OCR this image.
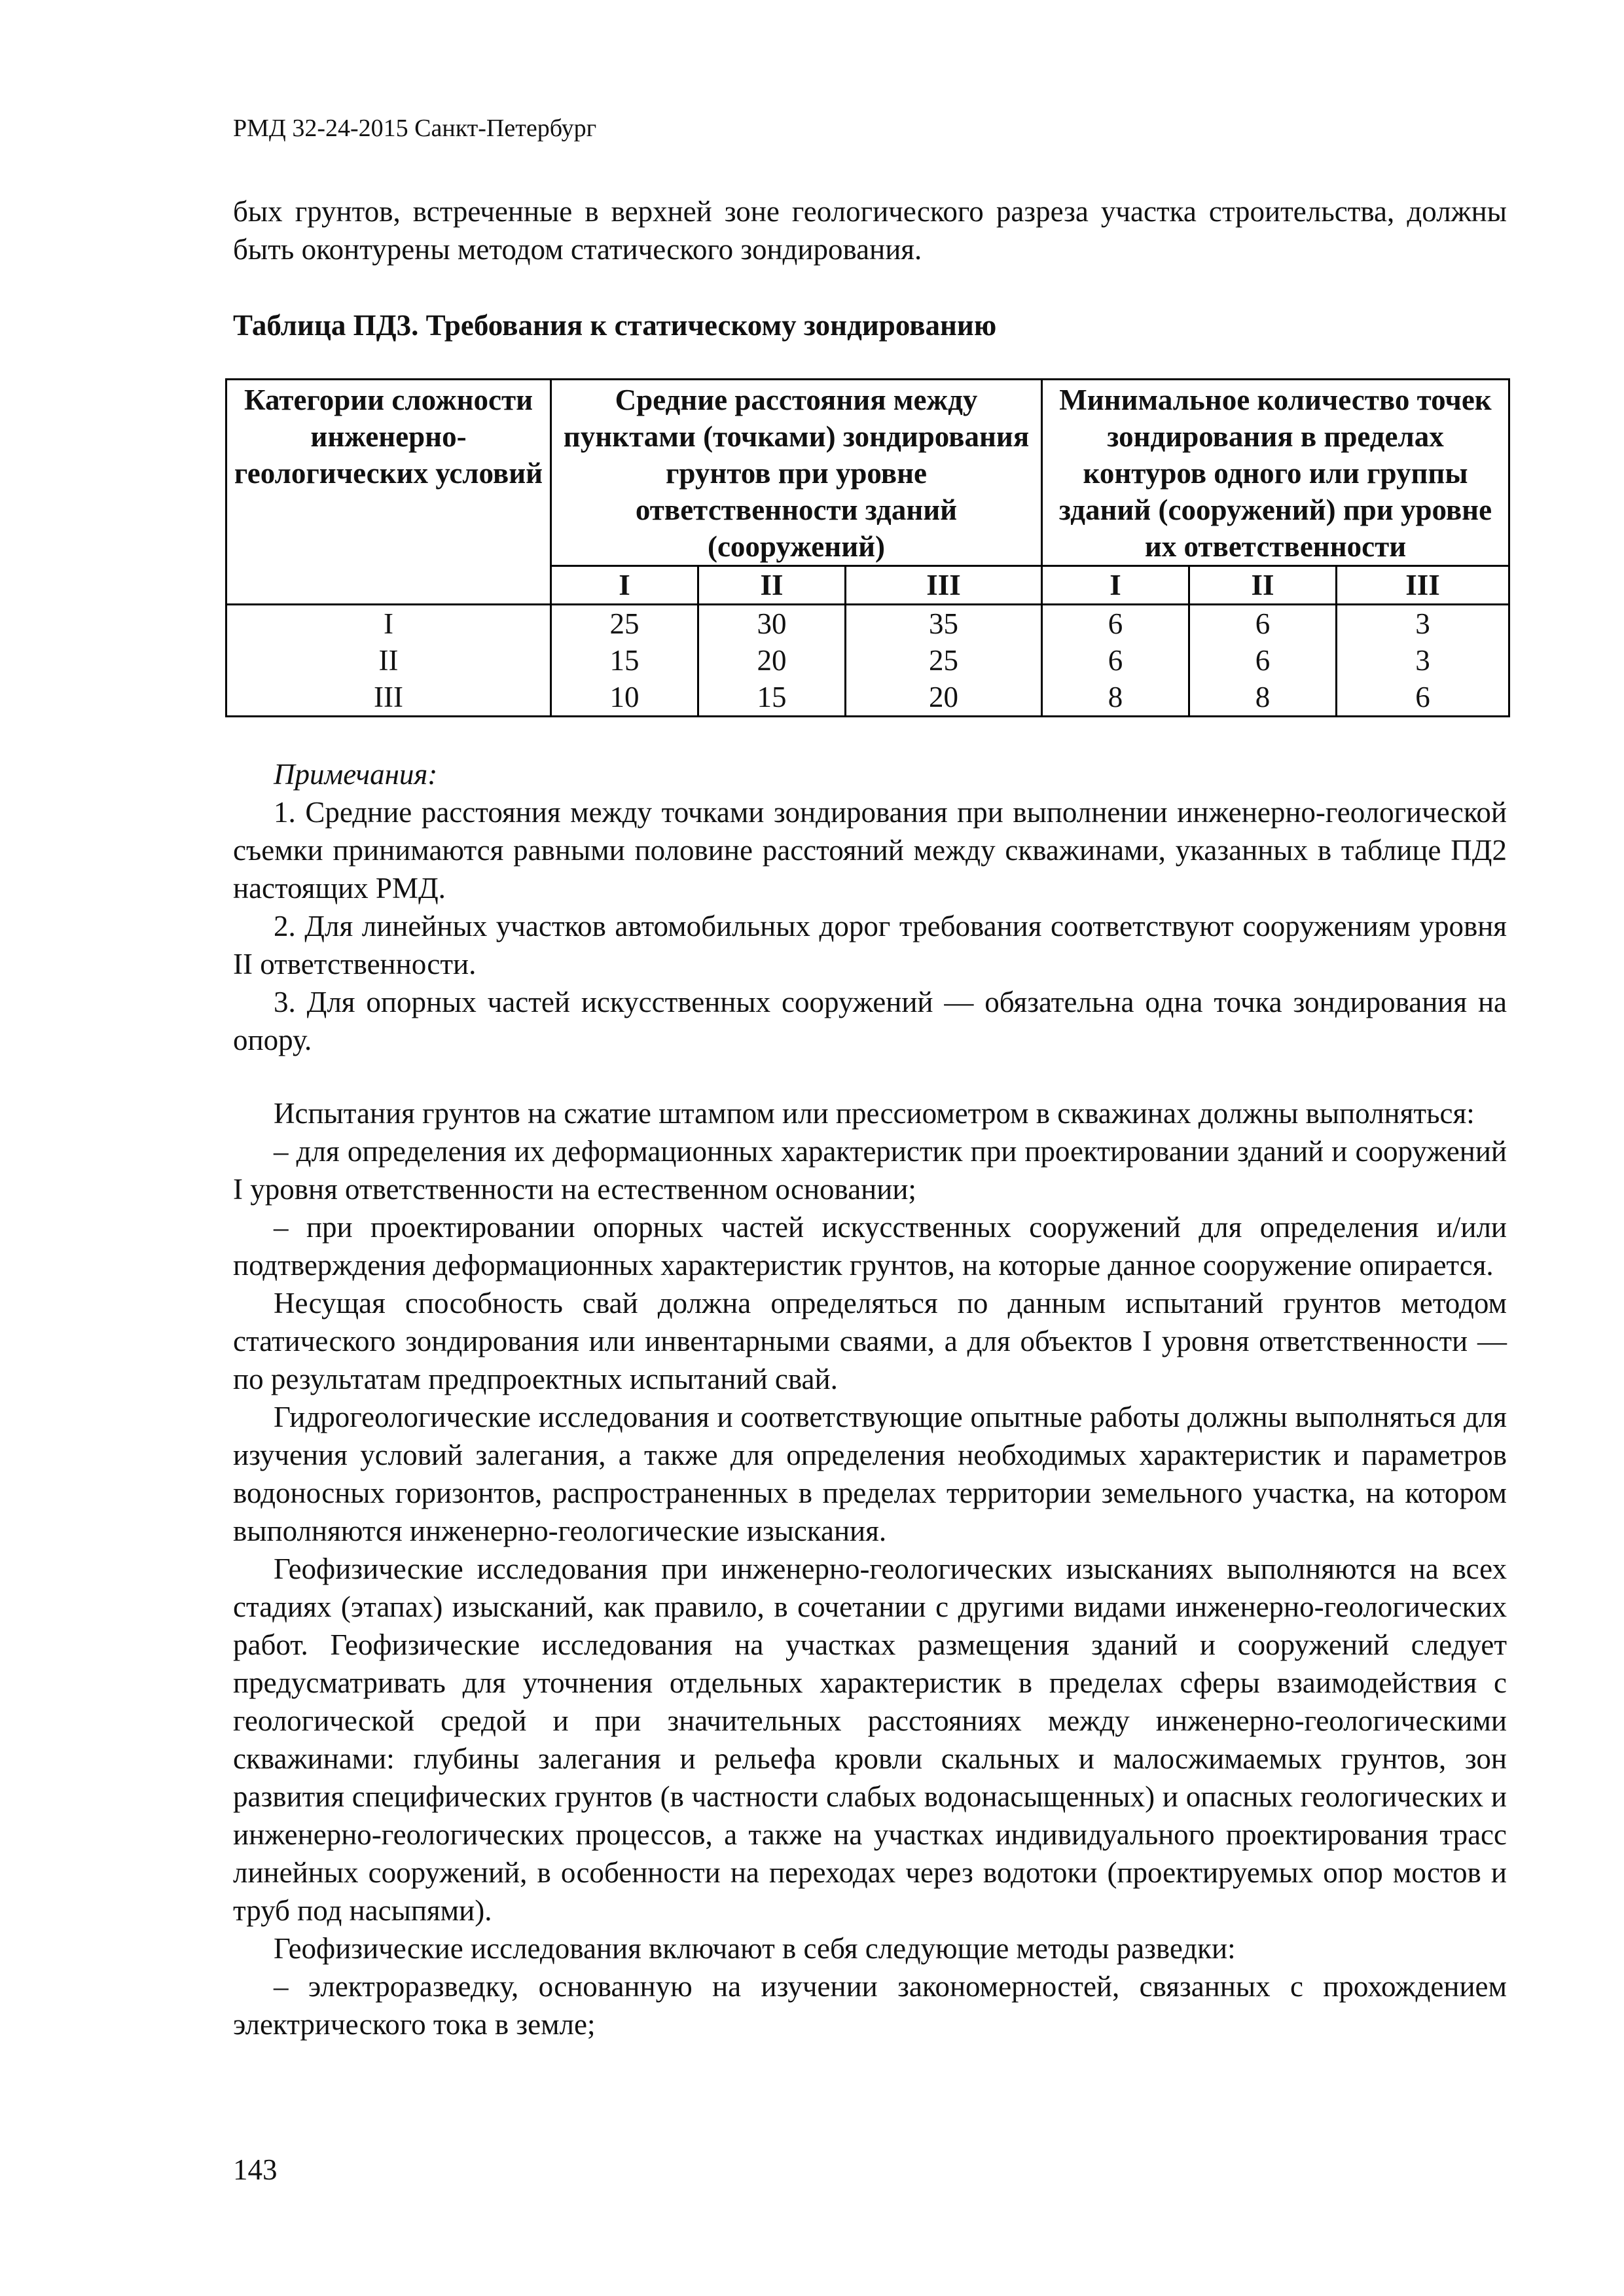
РМД 32-24-2015 Санкт-Петербург

бых грунтов, встреченные в верхней зоне геологического разреза участка строительства, должны быть оконтурены методом статического зондирования.

Таблица ПД3. Требования к статическому зондированию
Категории сложности инженерно-геологических условий	Средние расстояния между пунктами (точками) зондирования грунтов при уровне ответственности зданий (сооружений)			Минимальное количество точек зондирования в пределах контуров одного или группы зданий (сооружений) при уровне их ответственности		
	I	II	III	I	II	III
I	25	30	35	6	6	3
II	15	20	25	6	6	3
III	10	15	20	8	8	6

Примечания:

1. Средние расстояния между точками зондирования при выполнении инженерно-геологической съемки принимаются равными половине расстояний между скважинами, указанных в таблице ПД2 настоящих РМД.

2. Для линейных участков автомобильных дорог требования соответствуют сооружениям уровня II ответственности.

3. Для опорных частей искусственных сооружений — обязательна одна точка зондирования на опору.

Испытания грунтов на сжатие штампом или прессиометром в скважинах должны выполняться:

– для определения их деформационных характеристик при проектировании зданий и сооружений I уровня ответственности на естественном основании;

– при проектировании опорных частей искусственных сооружений для определения и/или подтверждения деформационных характеристик грунтов, на которые данное сооружение опирается.

Несущая способность свай должна определяться по данным испытаний грунтов методом статического зондирования или инвентарными сваями, а для объектов I уровня ответственности — по результатам предпроектных испытаний свай.

Гидрогеологические исследования и соответствующие опытные работы должны выполняться для изучения условий залегания, а также для определения необходимых характеристик и параметров водоносных горизонтов, распространенных в пределах территории земельного участка, на котором выполняются инженерно-геологические изыскания.

Геофизические исследования при инженерно-геологических изысканиях выполняются на всех стадиях (этапах) изысканий, как правило, в сочетании с другими видами инженерно-геологических работ. Геофизические исследования на участках размещения зданий и сооружений следует предусматривать для уточнения отдельных характеристик в пределах сферы взаимодействия с геологической средой и при значительных расстояниях между инженерно-геологическими скважинами: глубины залегания и рельефа кровли скальных и малосжимаемых грунтов, зон развития специфических грунтов (в частности слабых водонасыщенных) и опасных геологических и инженерно-геологических процессов, а также на участках индивидуального проектирования трасс линейных сооружений, в особенности на переходах через водотоки (проектируемых опор мостов и труб под насыпями).

Геофизические исследования включают в себя следующие методы разведки:

– электроразведку, основанную на изучении закономерностей, связанных с прохождением электрического тока в земле;

143
